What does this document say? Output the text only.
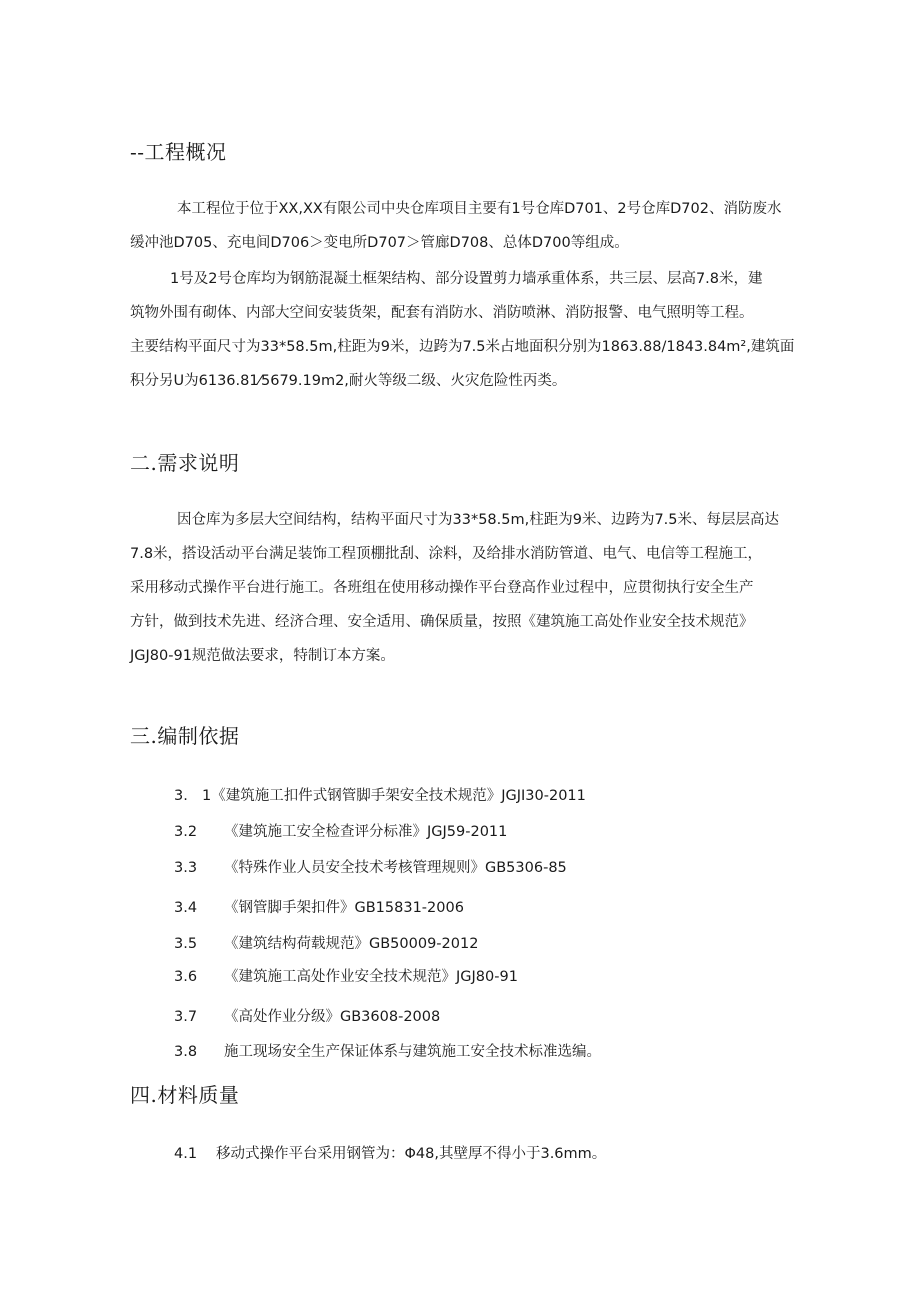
--工程概况
本工程位于位于XX,XX有限公司中央仓库项目主要有1号仓库D701、2号仓库D702、消防废水
缓冲池D705、充电间D706＞变电所D707＞管廊D708、总体D700等组成。
1号及2号仓库均为钢筋混凝土框架结构、部分设置剪力墙承重体系，共三层、层高7.8米，建
筑物外围有砌体、内部大空间安装货架，配套有消防水、消防喷淋、消防报警、电气照明等工程。
主要结构平面尺寸为33*58.5m,柱距为9米，边跨为7.5米占地面积分别为1863.88/1843.84m²,建筑面
积分另U为6136.81⁄5679.19m2,耐火等级二级、火灾危险性丙类。
二.需求说明
因仓库为多层大空间结构，结构平面尺寸为33*58.5m,柱距为9米、边跨为7.5米、每层层高达
7.8米，搭设活动平台满足装饰工程顶棚批刮、涂料，及给排水消防管道、电气、电信等工程施工，
采用移动式操作平台进行施工。各班组在使用移动操作平台登高作业过程中，应贯彻执行安全生产
方针，做到技术先进、经济合理、安全适用、确保质量，按照《建筑施工高处作业安全技术规范》
JGJ80-91规范做法要求，特制订本方案。
三.编制依据
3. 1《建筑施工扣件式钢管脚手架安全技术规范》JGJI30-2011
3.2 《建筑施工安全检查评分标准》JGJ59-2011
3.3 《特殊作业人员安全技术考核管理规则》GB5306-85
3.4 《钢管脚手架扣件》GB15831-2006
3.5 《建筑结构荷载规范》GB50009-2012
3.6 《建筑施工高处作业安全技术规范》JGJ80-91
3.7 《高处作业分级》GB3608-2008
3.8 施工现场安全生产保证体系与建筑施工安全技术标准选编。
四.材料质量
4.1 移动式操作平台采用钢管为：Φ48,其壁厚不得小于3.6mm。
